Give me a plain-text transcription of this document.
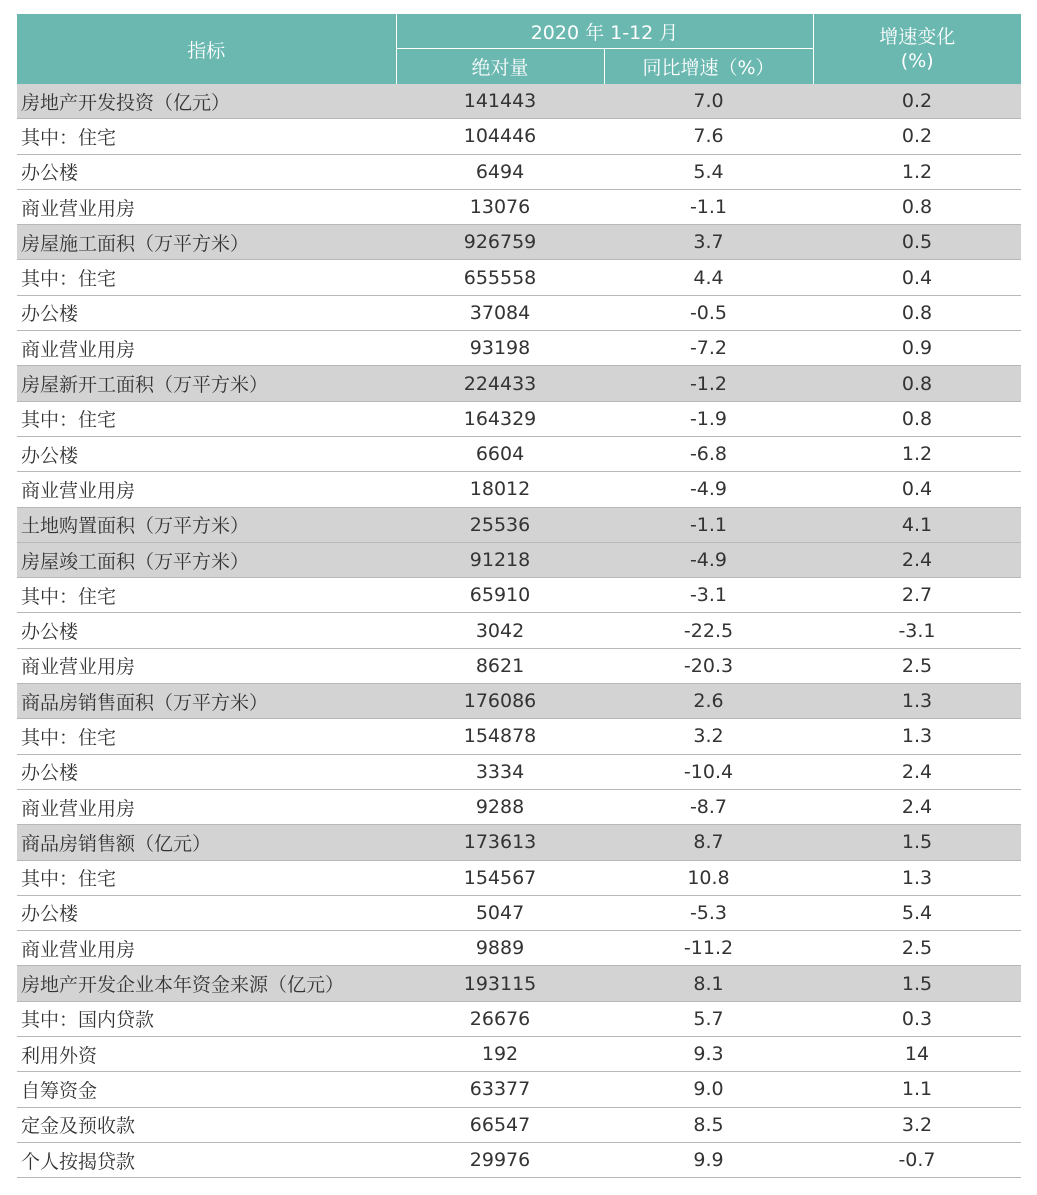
指标	2020 年 1-12 月		增速变化
(%)

	绝对量	同比增速（%）	
房地产开发投资（亿元）	141443	7.0	0.2
其中：住宅	104446	7.6	0.2
办公楼	6494	5.4	1.2
商业营业用房	13076	-1.1	0.8
房屋施工面积（万平方米）	926759	3.7	0.5
其中：住宅	655558	4.4	0.4
办公楼	37084	-0.5	0.8
商业营业用房	93198	-7.2	0.9
房屋新开工面积（万平方米）	224433	-1.2	0.8
其中：住宅	164329	-1.9	0.8
办公楼	6604	-6.8	1.2
商业营业用房	18012	-4.9	0.4
土地购置面积（万平方米）	25536	-1.1	4.1
房屋竣工面积（万平方米）	91218	-4.9	2.4
其中：住宅	65910	-3.1	2.7
办公楼	3042	-22.5	-3.1
商业营业用房	8621	-20.3	2.5
商品房销售面积（万平方米）	176086	2.6	1.3
其中：住宅	154878	3.2	1.3
办公楼	3334	-10.4	2.4
商业营业用房	9288	-8.7	2.4
商品房销售额（亿元）	173613	8.7	1.5
其中：住宅	154567	10.8	1.3
办公楼	5047	-5.3	5.4
商业营业用房	9889	-11.2	2.5
房地产开发企业本年资金来源（亿元）	193115	8.1	1.5
其中：国内贷款	26676	5.7	0.3
利用外资	192	9.3	14
自筹资金	63377	9.0	1.1
定金及预收款	66547	8.5	3.2
个人按揭贷款	29976	9.9	-0.7
